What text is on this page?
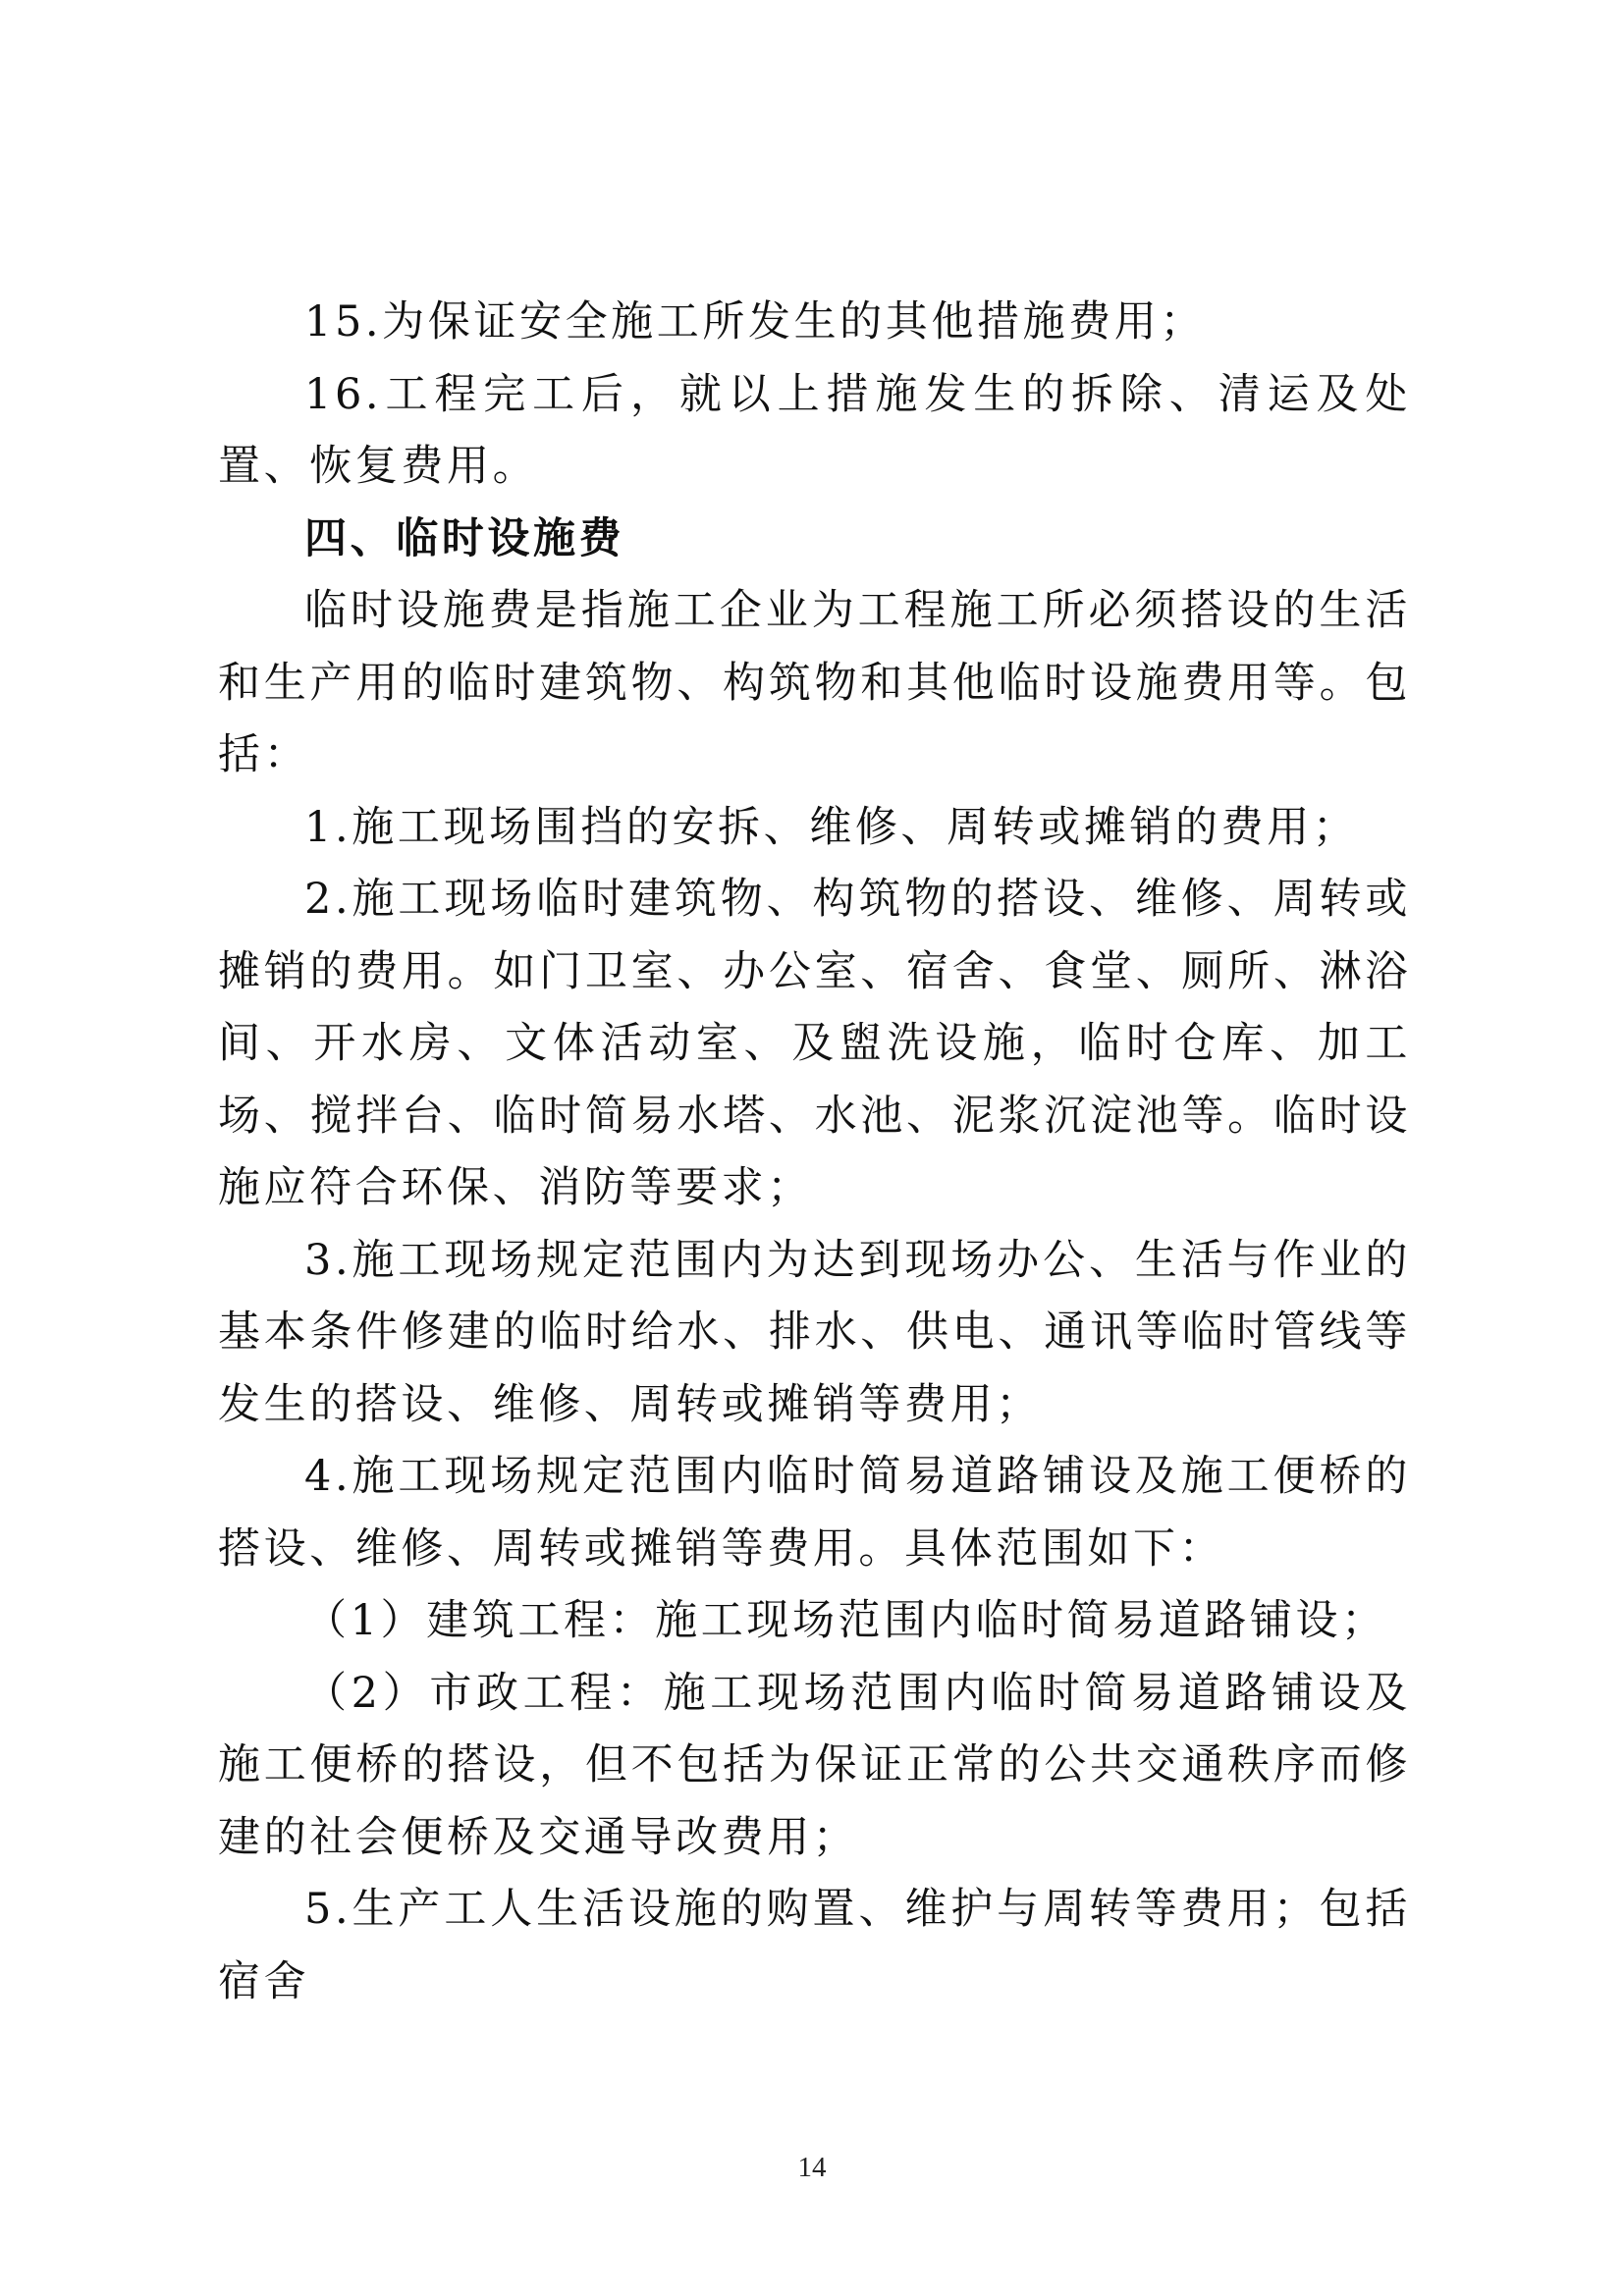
15.为保证安全施工所发生的其他措施费用；

16.工程完工后，就以上措施发生的拆除、清运及处置、恢复费用。

四、临时设施费

临时设施费是指施工企业为工程施工所必须搭设的生活和生产用的临时建筑物、构筑物和其他临时设施费用等。包括：

1.施工现场围挡的安拆、维修、周转或摊销的费用；

2.施工现场临时建筑物、构筑物的搭设、维修、周转或摊销的费用。如门卫室、办公室、宿舍、食堂、厕所、淋浴间、开水房、文体活动室、及盥洗设施，临时仓库、加工场、搅拌台、临时简易水塔、水池、泥浆沉淀池等。临时设施应符合环保、消防等要求；

3.施工现场规定范围内为达到现场办公、生活与作业的基本条件修建的临时给水、排水、供电、通讯等临时管线等发生的搭设、维修、周转或摊销等费用；

4.施工现场规定范围内临时简易道路铺设及施工便桥的搭设、维修、周转或摊销等费用。具体范围如下：

（1）建筑工程：施工现场范围内临时简易道路铺设；

（2）市政工程：施工现场范围内临时简易道路铺设及施工便桥的搭设，但不包括为保证正常的公共交通秩序而修建的社会便桥及交通导改费用；

5.生产工人生活设施的购置、维护与周转等费用；包括宿舍

14
